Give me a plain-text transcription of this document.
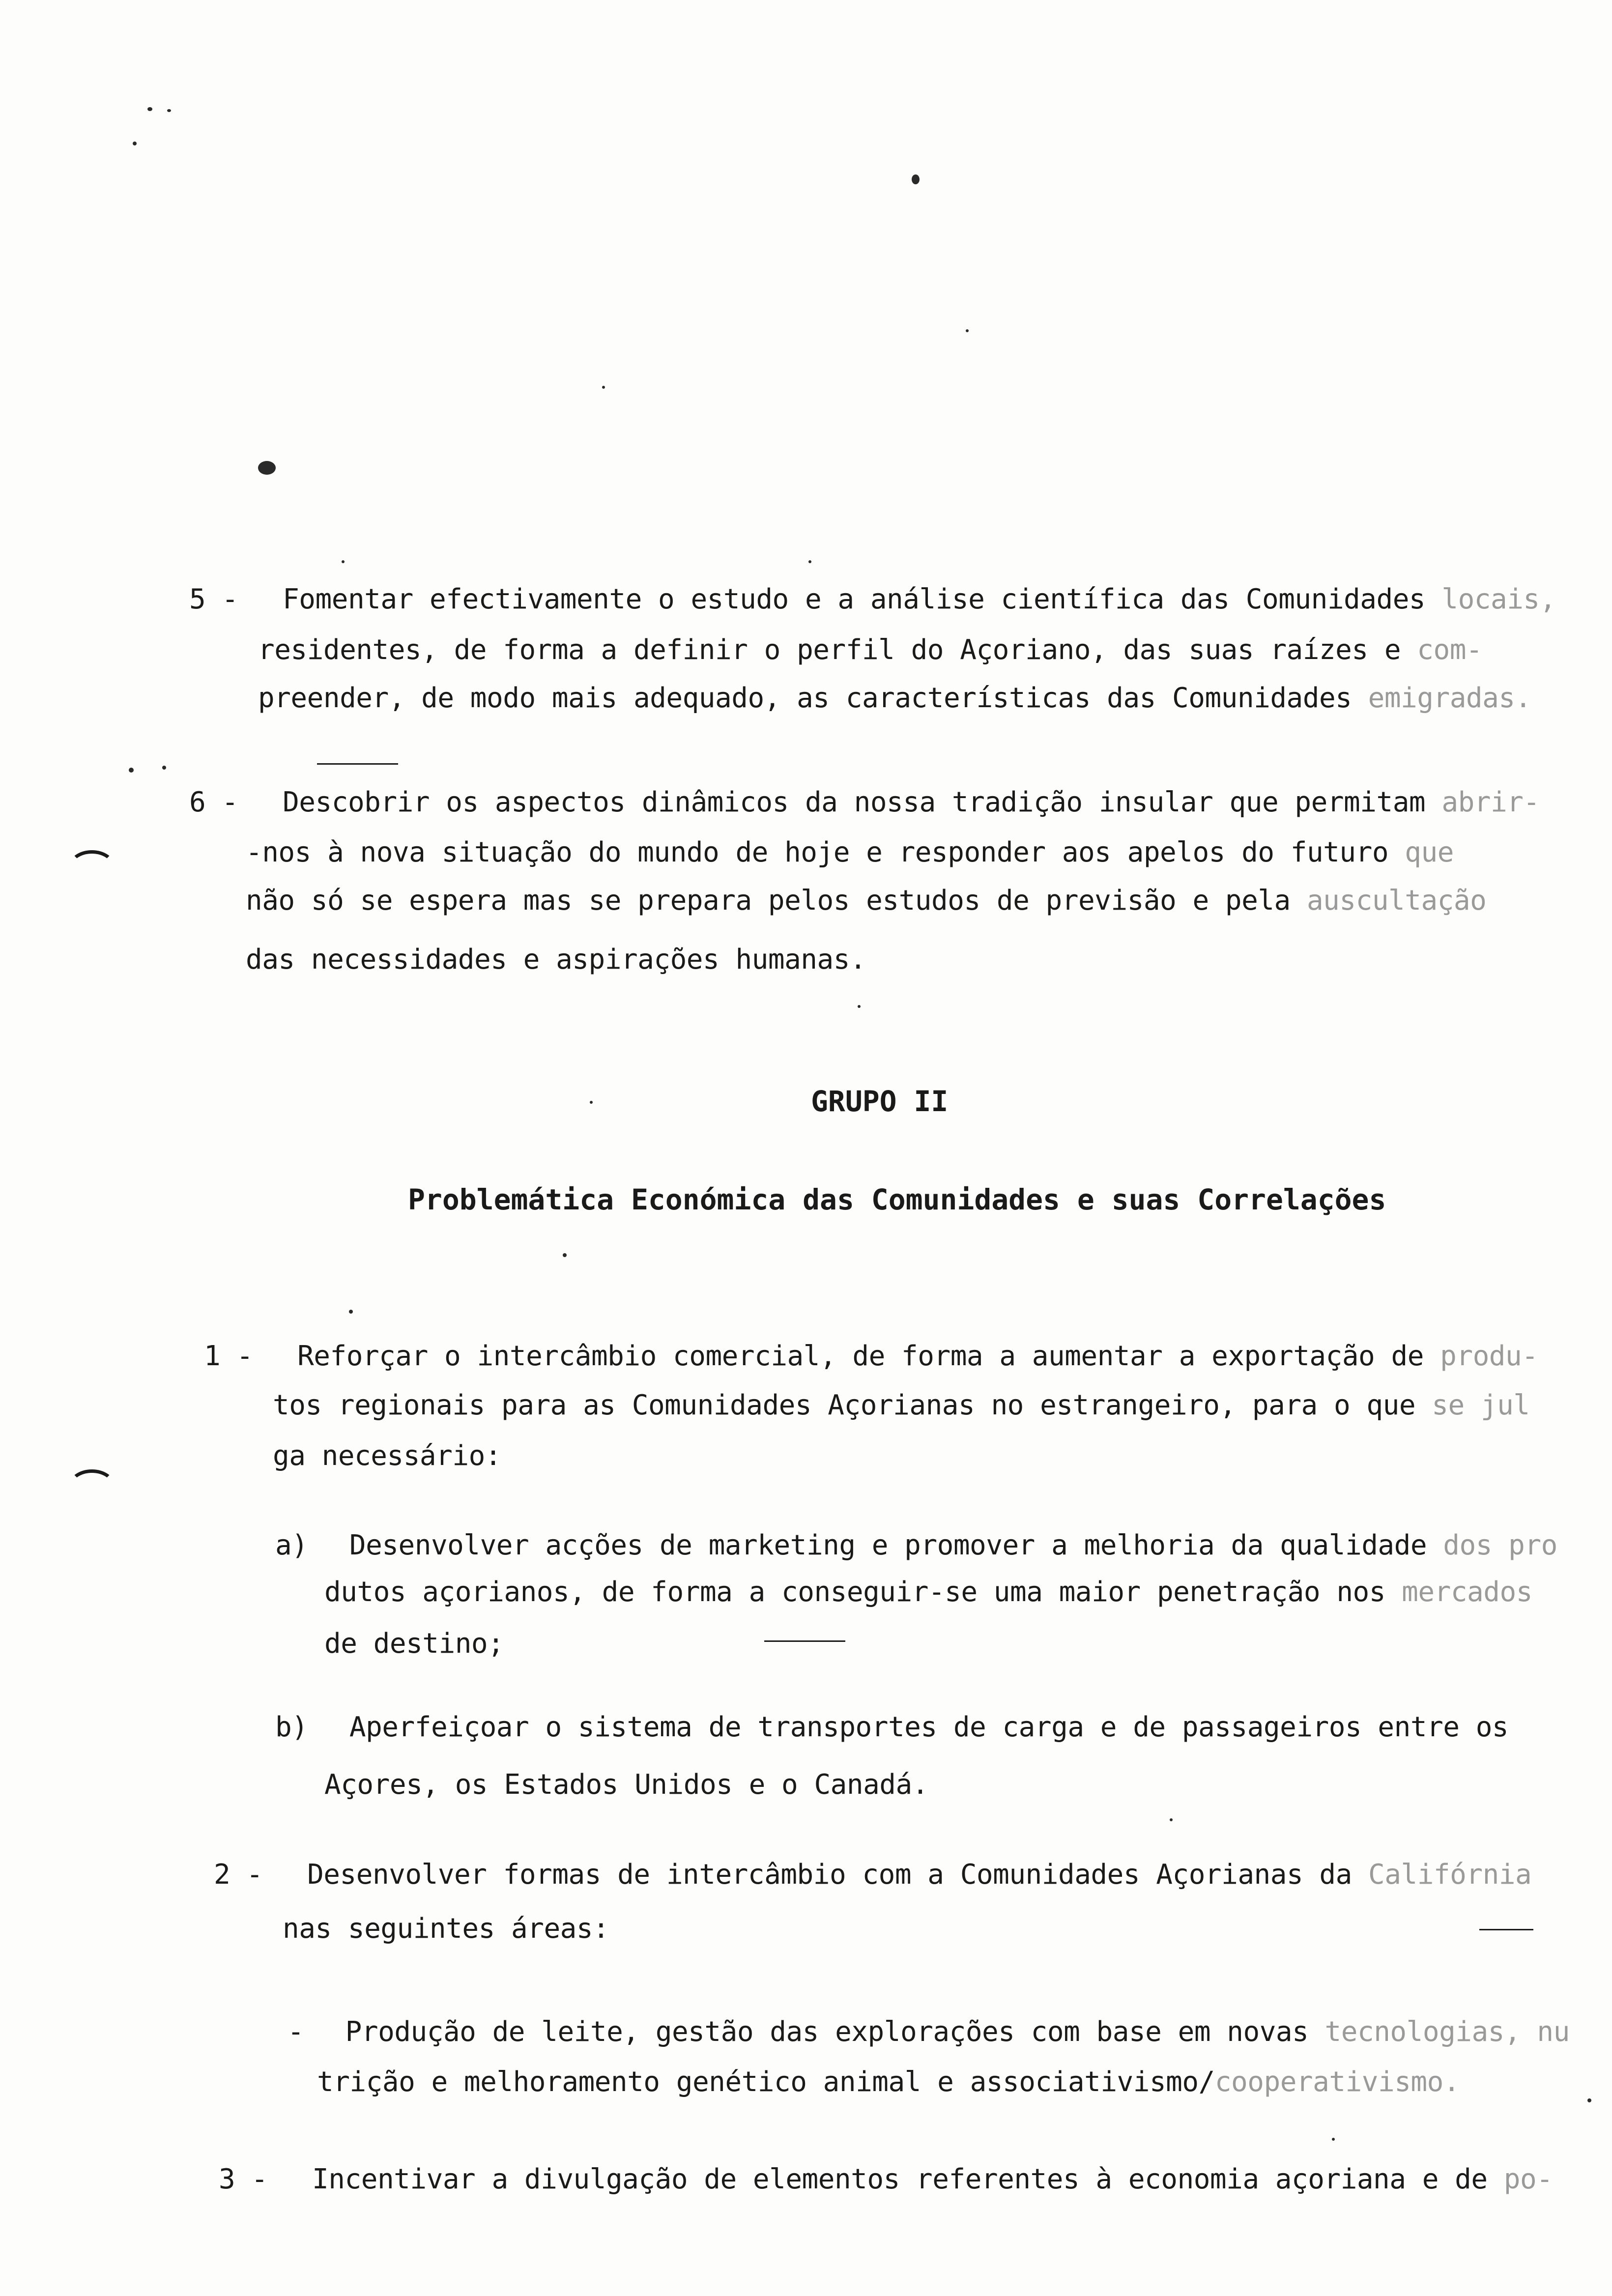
5 - Fomentar efectivamente o estudo e a análise científica das Comunidades locais,
residentes, de forma a definir o perfil do Açoriano, das suas raízes e com-
preender, de modo mais adequado, as características das Comunidades emigradas.
6 - Descobrir os aspectos dinâmicos da nossa tradição insular que permitam abrir-
-nos à nova situação do mundo de hoje e responder aos apelos do futuro que
não só se espera mas se prepara pelos estudos de previsão e pela auscultação
das necessidades e aspirações humanas.
GRUPO II
Problemática Económica das Comunidades e suas Correlações
1 - Reforçar o intercâmbio comercial, de forma a aumentar a exportação de produ-
tos regionais para as Comunidades Açorianas no estrangeiro, para o que se jul
ga necessário:
a) Desenvolver acções de marketing e promover a melhoria da qualidade dos pro
dutos açorianos, de forma a conseguir-se uma maior penetração nos mercados
de destino;
b) Aperfeiçoar o sistema de transportes de carga e de passageiros entre os
Açores, os Estados Unidos e o Canadá.
2 - Desenvolver formas de intercâmbio com a Comunidades Açorianas da Califórnia
nas seguintes áreas:
- Produção de leite, gestão das explorações com base em novas tecnologias, nu
trição e melhoramento genético animal e associativismo/cooperativismo.
3 - Incentivar a divulgação de elementos referentes à economia açoriana e de po-
